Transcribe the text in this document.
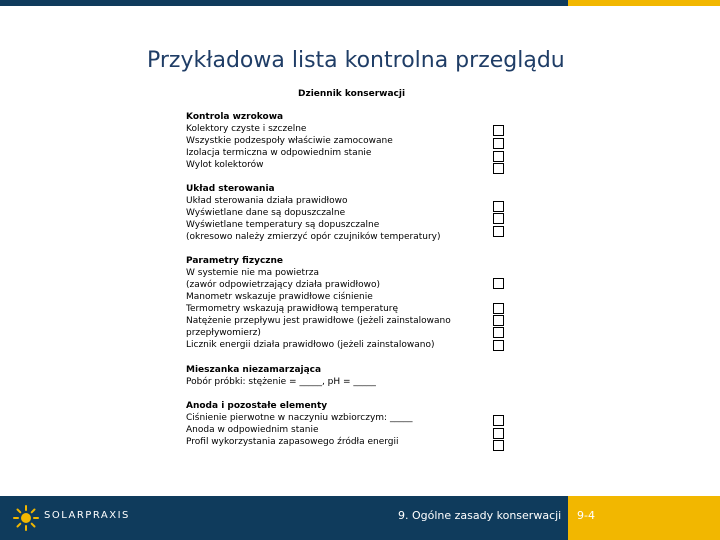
Przykładowa lista kontrolna przeglądu
Dziennik konserwacji
Kontrola wzrokowa
Kolektory czyste i szczelne
Wszystkie podzespoły właściwie zamocowane
Izolacja termiczna w odpowiednim stanie
Wylot kolektorów
Układ sterowania
Układ sterowania działa prawidłowo
Wyświetlane dane są dopuszczalne
Wyświetlane temperatury są dopuszczalne
(okresowo należy zmierzyć opór czujników temperatury)
Parametry fizyczne
W systemie nie ma powietrza
(zawór odpowietrzający działa prawidłowo)
Manometr wskazuje prawidłowe ciśnienie
Termometry wskazują prawidłową temperaturę
Natężenie przepływu jest prawidłowe (jeżeli zainstalowano
przepływomierz)
Licznik energii działa prawidłowo (jeżeli zainstalowano)
Mieszanka niezamarzająca
Pobór próbki: stężenie = _____, pH = _____
Anoda i pozostałe elementy
Ciśnienie pierwotne w naczyniu wzbiorczym: _____
Anoda w odpowiednim stanie
Profil wykorzystania zapasowego źródła energii
SOLARPRAXIS	9. Ogólne zasady konserwacji 9-4
